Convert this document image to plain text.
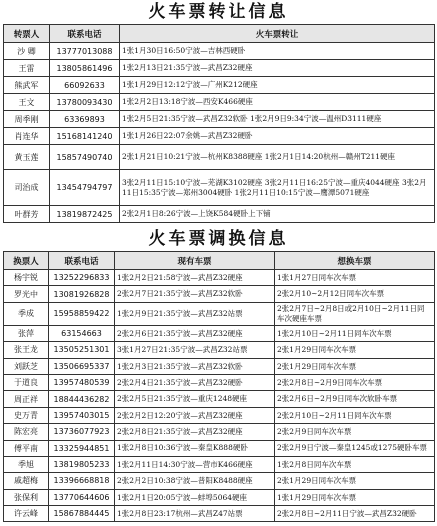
火车票转让信息
转票人	联系电话	火车票转让
沙 卿	13777013088	1张1月30日16:50宁波—吉林西硬卧
王雷	13805861496	1张2月13日21:35宁波—武昌Z32硬座
熊武军	66092633	1张1月29日12:12宁波—广州K212硬座
王文	13780093430	1张2月2日13:18宁波—西安K466硬座
周季刚	63369893	1张2月5日21:35宁波—武昌Z32软卧 1张2月9日9:34宁波—温州D3111硬座
肖连华	15168141240	1张1月26日22:07余姚—武昌Z32硬卧
黄玉莲	15857490740	2张1月21日10:21宁波—杭州K8388硬座 1张2月1日14:20杭州—赣州T211硬座
司治成	13454794797	3张2月11日15:10宁波—芜湖K3102硬座 3张2月11日16:25宁波—重庆4044硬座 3张2月11日15:35宁波—郑州3004硬卧 1张2月11日10:15宁波—鹰潭5071硬座
叶群芳	13819872425	2张2月1日8:26宁波—上饶K584硬卧上下铺
火车票调换信息
换票人	联系电话	现有车票	想换车票
杨宇锐	13252296833	1张2月2日21:58宁波—武昌Z32硬座	1张1月27日同车次车票
罗光中	13081926828	2张2月7日21:35宁波—武昌Z32软卧	2张2月10~2月12日同车次车票
季成	15958859422	1张2月9日21:35宁波—武昌Z32站票	2张2月7日~2月8日或2月10日~2月11日同车次硬座车票
张萍	63154663	2张2月6日21:35宁波—武昌Z32硬座	1张2月10日~2月11日同车次车票
张王龙	13505251301	3张1月27日21:35宁波—武昌Z32站票	2张1月29日同车次车票
刘跃芝	13506695337	1张2月3日21:35宁波—武昌Z32软卧	2张1月29日同车次车票
于道良	13957480539	2张2月4日21:35宁波—武昌Z32硬卧	2张2月8日~2月9日同车次车票
周正祥	18844436282	2张2月5日21:35宁波—重庆1248硬座	2张2月6日~2月9日同车次软卧车票
史万青	13957403015	2张2月2日12:20宁波—武昌Z32硬座	2张2月10日~2月11日同车次车票
陈宏亮	13736077923	2张2月8日21:35宁波—武昌Z32硬座	2张2月9日同车次车票
傅平南	13325944851	1张2月8日10:36宁波—秦皇K888硬卧	2张2月9日宁波—秦皇1245或1275硬卧车票
季旭	13819805233	1张2月11日14:30宁波—营市K466硬座	1张2月8日同车次车票
戚超梅	13396668818	2张2月2日10:38宁波—普阳K8488硬座	2张1月29日同车次车票
张保利	13770644606	1张2月1日20:05宁波—蚌埠5064硬座	1张1月29日同车次车票
许云峰	15867884445	1张2月8日23:17杭州—武昌Z47站票	2张2月8日~2月11日宁波—武昌Z32硬卧
